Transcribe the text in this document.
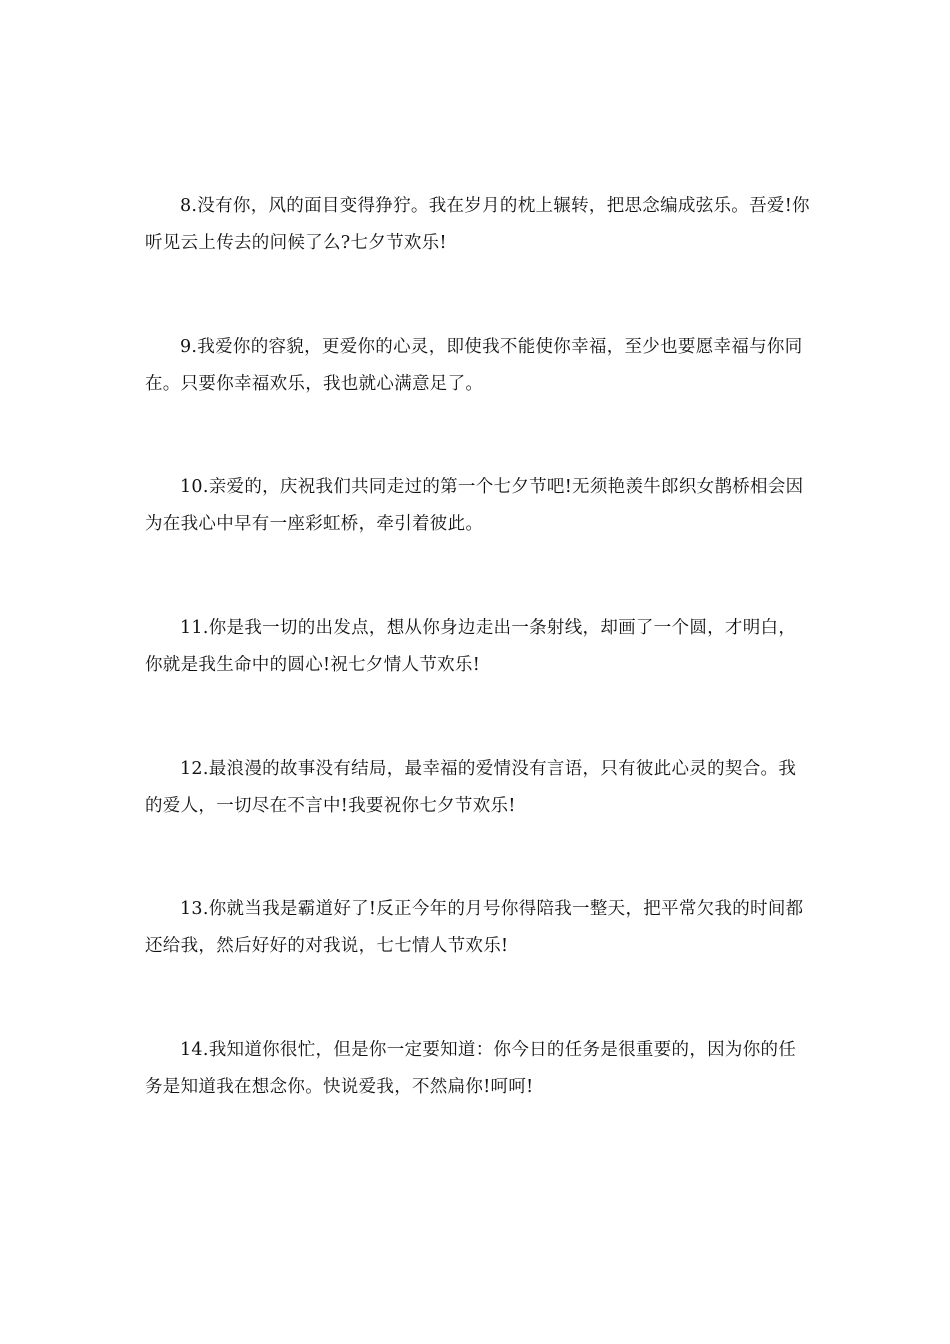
8.没有你，风的面目变得狰狞。我在岁月的枕上辗转，把思念编成弦乐。吾爱!你听见云上传去的问候了么?七夕节欢乐!

9.我爱你的容貌，更爱你的心灵，即使我不能使你幸福，至少也要愿幸福与你同在。只要你幸福欢乐，我也就心满意足了。

10.亲爱的，庆祝我们共同走过的第一个七夕节吧!无须艳羡牛郎织女鹊桥相会因为在我心中早有一座彩虹桥，牵引着彼此。

11.你是我一切的出发点，想从你身边走出一条射线，却画了一个圆，才明白，你就是我生命中的圆心!祝七夕情人节欢乐!

12.最浪漫的故事没有结局，最幸福的爱情没有言语，只有彼此心灵的契合。我的爱人，一切尽在不言中!我要祝你七夕节欢乐!

13.你就当我是霸道好了!反正今年的月号你得陪我一整天，把平常欠我的时间都还给我，然后好好的对我说，七七情人节欢乐!

14.我知道你很忙，但是你一定要知道：你今日的任务是很重要的，因为你的任务是知道我在想念你。快说爱我，不然扁你!呵呵!
